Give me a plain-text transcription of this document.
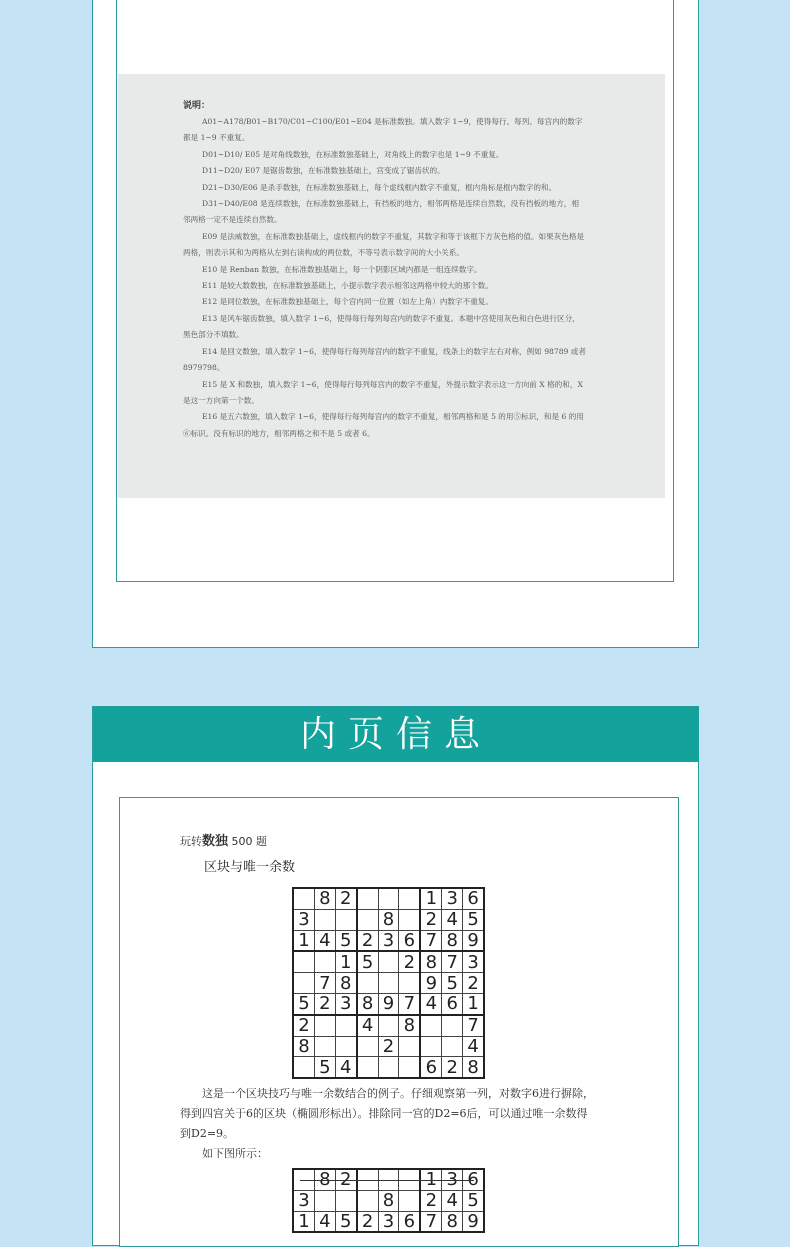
说明：

A01~A178/B01~B170/C01~C100/E01~E04 是标准数独。填入数字 1~9，使得每行、每列、每宫内的数字都是 1~9 不重复。

D01~D10/ E05 是对角线数独，在标准数独基础上，对角线上的数字也是 1~9 不重复。

D11~D20/ E07 是锯齿数独，在标准数独基础上，宫变成了锯齿状的。

D21~D30/E06 是杀手数独，在标准数独基础上，每个虚线框内数字不重复，框内角标是框内数字的和。

D31~D40/E08 是连续数独，在标准数独基础上，有挡板的地方，相邻两格是连续自然数，没有挡板的地方，相邻两格一定不是连续自然数。

E09 是法威数独，在标准数独基础上，虚线框内的数字不重复，其数字和等于该框下方灰色格的值。如果灰色格是两格，则表示其和为两格从左到右读构成的两位数，不等号表示数字间的大小关系。

E10 是 Renban 数独，在标准数独基础上，每一个阴影区域内都是一组连续数字。

E11 是较大数数独，在标准数独基础上，小提示数字表示相邻这两格中较大的那个数。

E12 是同位数独，在标准数独基础上，每个宫内同一位置（如左上角）内数字不重复。

E13 是风车锯齿数独，填入数字 1~6，使得每行每列每宫内的数字不重复。本题中宫使用灰色和白色进行区分，黑色部分不填数。

E14 是回文数独，填入数字 1~6，使得每行每列每宫内的数字不重复，线条上的数字左右对称，例如 98789 或者 8979798。

E15 是 X 和数独，填入数字 1~6，使得每行每列每宫内的数字不重复，外提示数字表示这一方向前 X 格的和，X 是这一方向第一个数。

E16 是五六数独，填入数字 1~6，使得每行每列每宫内的数字不重复，相邻两格和是 5 的用⑤标识，和是 6 的用⑥标识。没有标识的地方，相邻两格之和不是 5 或者 6。

内页信息
玩转数独 500 题
区块与唯一余数
	8	2				1	3	6
3				8		2	4	5
1	4	5	2	3	6	7	8	9
		1	5		2	8	7	3
	7	8				9	5	2
5	2	3	8	9	7	4	6	1
2			4		8			7
8				2				4
	5	4				6	2	8

这是一个区块技巧与唯一余数结合的例子。仔细观察第一列，对数字6进行摒除，得到四宫关于6的区块（椭圆形标出）。排除同一宫的D2=6后，可以通过唯一余数得到D2=9。

如下图所示：

	8	2				1	3	6
3				8		2	4	5
1	4	5	2	3	6	7	8	9
